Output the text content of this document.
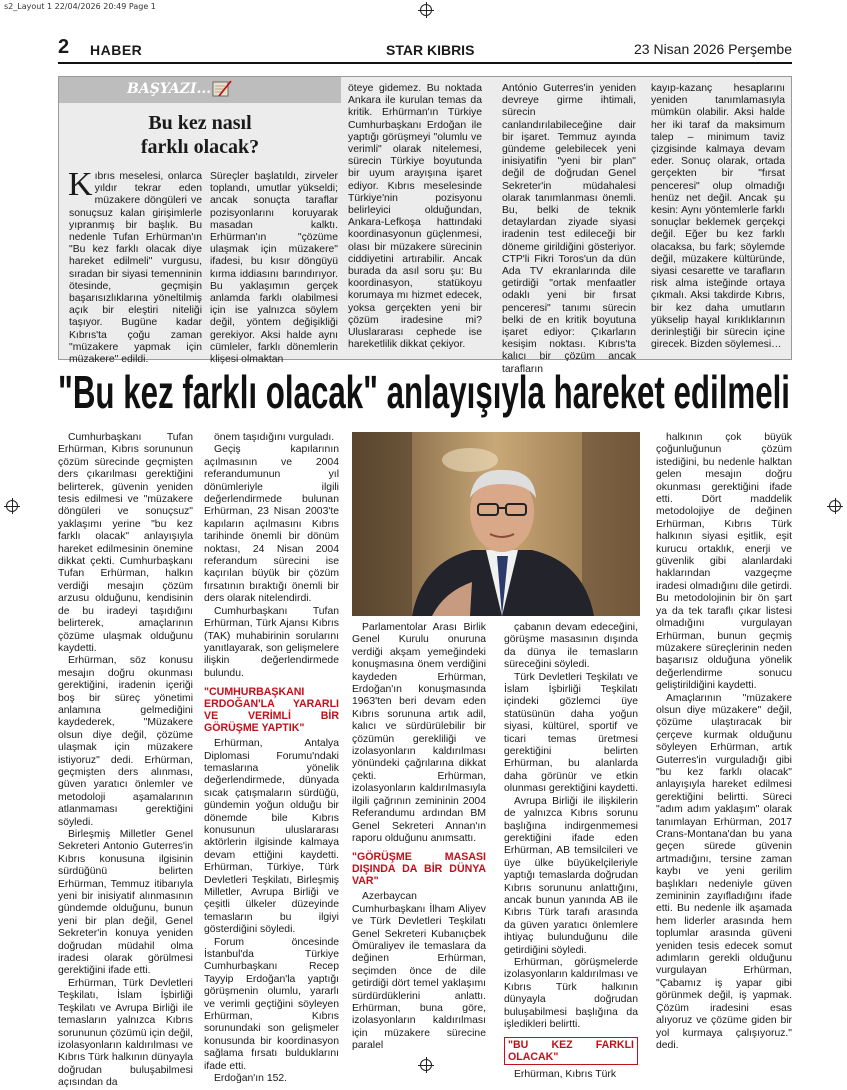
s2_Layout 1 22/04/2026 20:49 Page 1
2 HABER	STAR KIBRIS	23 Nisan 2026 Perşembe
BAŞYAZI...
Bu kez nasıl
farklı olacak?
Kıbrıs meselesi, onlarca yıldır tekrar eden müzakere döngüleri ve sonuçsuz kalan girişimlerle yıpranmış bir başlık. Bu nedenle Tufan Erhürman'ın "Bu kez farklı olacak diye hareket edilmeli" vurgusu, sıradan bir siyasi temenninin ötesinde, geçmişin başarısızlıklarına yöneltilmiş açık bir eleştiri niteliği taşıyor. Bugüne kadar Kıbrıs'ta çoğu zaman "müzakere yapmak için müzakere" edildi.
Süreçler başlatıldı, zirveler toplandı, umutlar yükseldi; ancak sonuçta taraflar pozisyonlarını koruyarak masadan kalktı. Erhürman'ın "çözüme ulaşmak için müzakere" ifadesi, bu kısır döngüyü kırma iddiasını barındırıyor. Bu yaklaşımın gerçek anlamda farklı olabilmesi için ise yalnızca söylem değil, yöntem değişikliği gerekiyor. Aksi halde aynı cümleler, farklı dönemlerin klişesi olmaktan
öteye gidemez. Bu noktada Ankara ile kurulan temas da kritik. Erhürman'ın Türkiye Cumhurbaşkanı Erdoğan ile yaptığı görüşmeyi "olumlu ve verimli" olarak nitelemesi, sürecin Türkiye boyutunda bir uyum arayışına işaret ediyor. Kıbrıs meselesinde Türkiye'nin pozisyonu belirleyici olduğundan, Ankara-Lefkoşa hattındaki koordinasyonun güçlenmesi, olası bir müzakere sürecinin ciddiyetini artırabilir. Ancak burada da asıl soru şu: Bu koordinasyon, statükoyu korumaya mı hizmet edecek, yoksa gerçekten yeni bir çözüm iradesine mi? Uluslararası cephede ise hareketlilik dikkat çekiyor.
António Guterres'in yeniden devreye girme ihtimali, sürecin canlandırılabileceğine dair bir işaret. Temmuz ayında gündeme gelebilecek yeni inisiyatifin "yeni bir plan" değil de doğrudan Genel Sekreter'in müdahalesi olarak tanımlanması önemli. Bu, belki de teknik detaylardan ziyade siyasi iradenin test edileceği bir döneme girildiğini gösteriyor. CTP'li Fikri Toros'un da dün Ada TV ekranlarında dile getirdiği "ortak menfaatler odaklı yeni bir fırsat penceresi" tanımı sürecin belki de en kritik boyutuna işaret ediyor: Çıkarların kesişim noktası. Kıbrıs'ta kalıcı bir çözüm ancak tarafların
kayıp-kazanç hesaplarını yeniden tanımlamasıyla mümkün olabilir. Aksi halde her iki taraf da maksimum talep – minimum taviz çizgisinde kalmaya devam eder. Sonuç olarak, ortada gerçekten bir "fırsat penceresi" olup olmadığı henüz net değil. Ancak şu kesin: Aynı yöntemlerle farklı sonuçlar beklemek gerçekçi değil. Eğer bu kez farklı olacaksa, bu fark; söylemde değil, müzakere kültüründe, siyasi cesarette ve tarafların risk alma isteğinde ortaya çıkmalı. Aksi takdirde Kıbrıs, bir kez daha umutların yükselip hayal kırıklıklarının derinleştiği bir sürecin içine girecek. Bizden söylemesi…
"Bu kez farklı olacak" anlayışıyla hareket edilmeli

Cumhurbaşkanı Tufan Erhürman, Kıbrıs sorununun çözüm sürecinde geçmişten ders çıkarılması gerektiğini belirterek, güvenin yeniden tesis edilmesi ve "müzakere döngüleri ve sonuçsuz" yaklaşımı yerine "bu kez farklı olacak" anlayışıyla hareket edilmesinin önemine dikkat çekti. Cumhurbaşkanı Tufan Erhürman, halkın verdiği mesajın çözüm arzusu olduğunu, kendisinin de bu iradeyi taşıdığını belirterek, amaçlarının çözüme ulaşmak olduğunu kaydetti.

Erhürman, söz konusu mesajın doğru okunması gerektiğini, iradenin içeriği boş bir süreç yönetimi anlamına gelmediğini kaydederek, "Müzakere olsun diye değil, çözüme ulaşmak için müzakere istiyoruz" dedi. Erhürman, geçmişten ders alınması, güven yaratıcı önlemler ve metodoloji aşamalarının atlanmaması gerektiğini söyledi.

Birleşmiş Milletler Genel Sekreteri Antonio Guterres'in Kıbrıs konusuna ilgisinin sürdüğünü belirten Erhürman, Temmuz itibarıyla yeni bir inisiyatif alınmasının gündemde olduğunu, bunun yeni bir plan değil, Genel Sekreter'in konuya yeniden doğrudan müdahil olma iradesi olarak görülmesi gerektiğini ifade etti.

Erhürman, Türk Devletleri Teşkilatı, İslam İşbirliği Teşkilatı ve Avrupa Birliği ile temasların yalnızca Kıbrıs sorununun çözümü için değil, izolasyonların kaldırılması ve Kıbrıs Türk halkının dünyayla doğrudan buluşabilmesi açısından da

önem taşıdığını vurguladı.

Geçiş kapılarının açılmasının ve 2004 referandumunun yıl dönümleriyle ilgili değerlendirmede bulunan Erhürman, 23 Nisan 2003'te kapıların açılmasını Kıbrıs tarihinde önemli bir dönüm noktası, 24 Nisan 2004 referandum sürecini ise kaçırılan büyük bir çözüm fırsatının bıraktığı önemli bir ders olarak nitelendirdi.

Cumhurbaşkanı Tufan Erhürman, Türk Ajansı Kıbrıs (TAK) muhabirinin sorularını yanıtlayarak, son gelişmelere ilişkin değerlendirmede bulundu.

"CUMHURBAŞKANI ERDOĞAN'LA YARARLI VE VERİMLİ BİR GÖRÜŞME YAPTIK"

Erhürman, Antalya Diplomasi Forumu'ndaki temaslarına yönelik değerlendirmede, dünyada sıcak çatışmaların sürdüğü, gündemin yoğun olduğu bir dönemde bile Kıbrıs konusunun uluslararası aktörlerin ilgisinde kalmaya devam ettiğini kaydetti. Erhürman, Türkiye, Türk Devletleri Teşkilatı, Birleşmiş Milletler, Avrupa Birliği ve çeşitli ülkeler düzeyinde temasların bu ilgiyi gösterdiğini söyledi.

Forum öncesinde İstanbul'da Türkiye Cumhurbaşkanı Recep Tayyip Erdoğan'la yaptığı görüşmenin olumlu, yararlı ve verimli geçtiğini söyleyen Erhürman, Kıbrıs sorunundaki son gelişmeler konusunda bir koordinasyon sağlama fırsatı bulduklarını ifade etti.

Erdoğan'ın 152.

Parlamentolar Arası Birlik Genel Kurulu onuruna verdiği akşam yemeğindeki konuşmasına önem verdiğini kaydeden Erhürman, Erdoğan'ın konuşmasında 1963'ten beri devam eden Kıbrıs sorununa artık adil, kalıcı ve sürdürülebilir bir çözümün gerekliliği ve izolasyonların kaldırılması yönündeki çağrılarına dikkat çekti. Erhürman, izolasyonların kaldırılmasıyla ilgili çağrının zemininin 2004 Referandumu ardından BM Genel Sekreteri Annan'ın raporu olduğunu anımsattı.

"GÖRÜŞME MASASI DIŞINDA DA BİR DÜNYA VAR"

Azerbaycan Cumhurbaşkanı İlham Aliyev ve Türk Devletleri Teşkilatı Genel Sekreteri Kubanıçbek Ömüraliyev ile temaslara da değinen Erhürman, seçimden önce de dile getirdiği dört temel yaklaşımı sürdürdüklerini anlattı. Erhürman, buna göre, izolasyonların kaldırılması için müzakere sürecine paralel

çabanın devam edeceğini, görüşme masasının dışında da dünya ile temasların süreceğini söyledi.

Türk Devletleri Teşkilatı ve İslam İşbirliği Teşkilatı içindeki gözlemci üye statüsünün daha yoğun siyasi, kültürel, sportif ve ticari temas üretmesi gerektiğini belirten Erhürman, bu alanlarda daha görünür ve etkin olunması gerektiğini kaydetti.

Avrupa Birliği ile ilişkilerin de yalnızca Kıbrıs sorunu başlığına indirgenmemesi gerektiğini ifade eden Erhürman, AB temsilcileri ve üye ülke büyükelçileriyle yaptığı temaslarda doğrudan Kıbrıs sorununu anlattığını, ancak bunun yanında AB ile Kıbrıs Türk tarafı arasında da güven yaratıcı önlemlere ihtiyaç bulunduğunu dile getirdiğini söyledi.

Erhürman, görüşmelerde izolasyonların kaldırılması ve Kıbrıs Türk halkının dünyayla doğrudan buluşabilmesi başlığına da işledikleri belirtti.

"BU KEZ FARKLI OLACAK"

Erhürman, Kıbrıs Türk

halkının çok büyük çoğunluğunun çözüm istediğini, bu nedenle halktan gelen mesajın doğru okunması gerektiğini ifade etti. Dört maddelik metodolojiye de değinen Erhürman, Kıbrıs Türk halkının siyasi eşitlik, eşit kurucu ortaklık, enerji ve güvenlik gibi alanlardaki haklarından vazgeçme iradesi olmadığını dile getirdi. Bu metodolojinin bir ön şart ya da tek taraflı çıkar listesi olmadığını vurgulayan Erhürman, bunun geçmiş müzakere süreçlerinin neden başarısız olduğuna yönelik değerlendirme sonucu geliştirildiğini kaydetti.

Amaçlarının "müzakere olsun diye müzakere" değil, çözüme ulaştıracak bir çerçeve kurmak olduğunu söyleyen Erhürman, artık Guterres'in vurguladığı gibi "bu kez farklı olacak" anlayışıyla hareket edilmesi gerektiğini belirtti. Süreci "adım adım yaklaşım" olarak tanımlayan Erhürman, 2017 Crans-Montana'dan bu yana geçen sürede güvenin artmadığını, tersine zaman kaybı ve yeni gerilim başlıkları nedeniyle güven zemininin zayıfladığını ifade etti. Bu nedenle ilk aşamada hem liderler arasında hem toplumlar arasında güveni yeniden tesis edecek somut adımların gerekli olduğunu vurgulayan Erhürman, "Çabamız iş yapar gibi görünmek değil, iş yapmak. Çözüm iradesini esas alıyoruz ve çözüme giden bir yol kurmaya çalışıyoruz." dedi.
